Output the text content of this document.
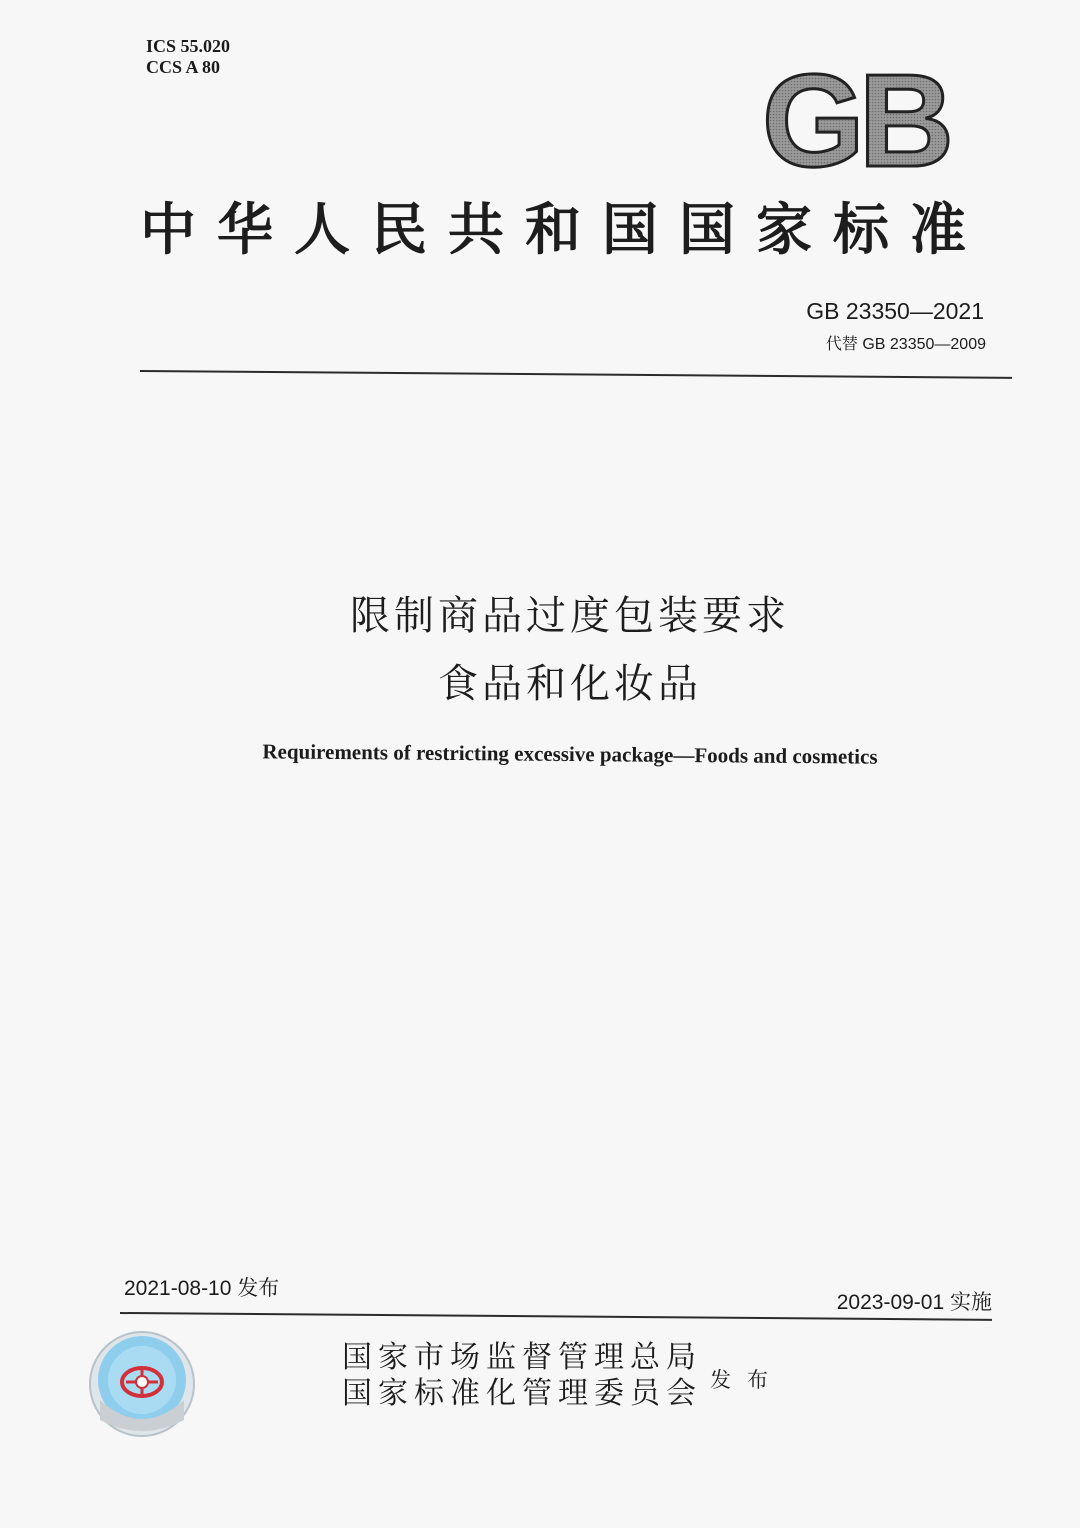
ICS 55.020
CCS A 80	GB
中华人民共和国国家标准
GB 23350—2021
代替 GB 23350—2009
限制商品过度包装要求
食品和化妆品
Requirements of restricting excessive package—Foods and cosmetics
2021-08-10 发布
2023-09-01 实施
国家市场监督管理总局
国家标准化管理委员会 发布
